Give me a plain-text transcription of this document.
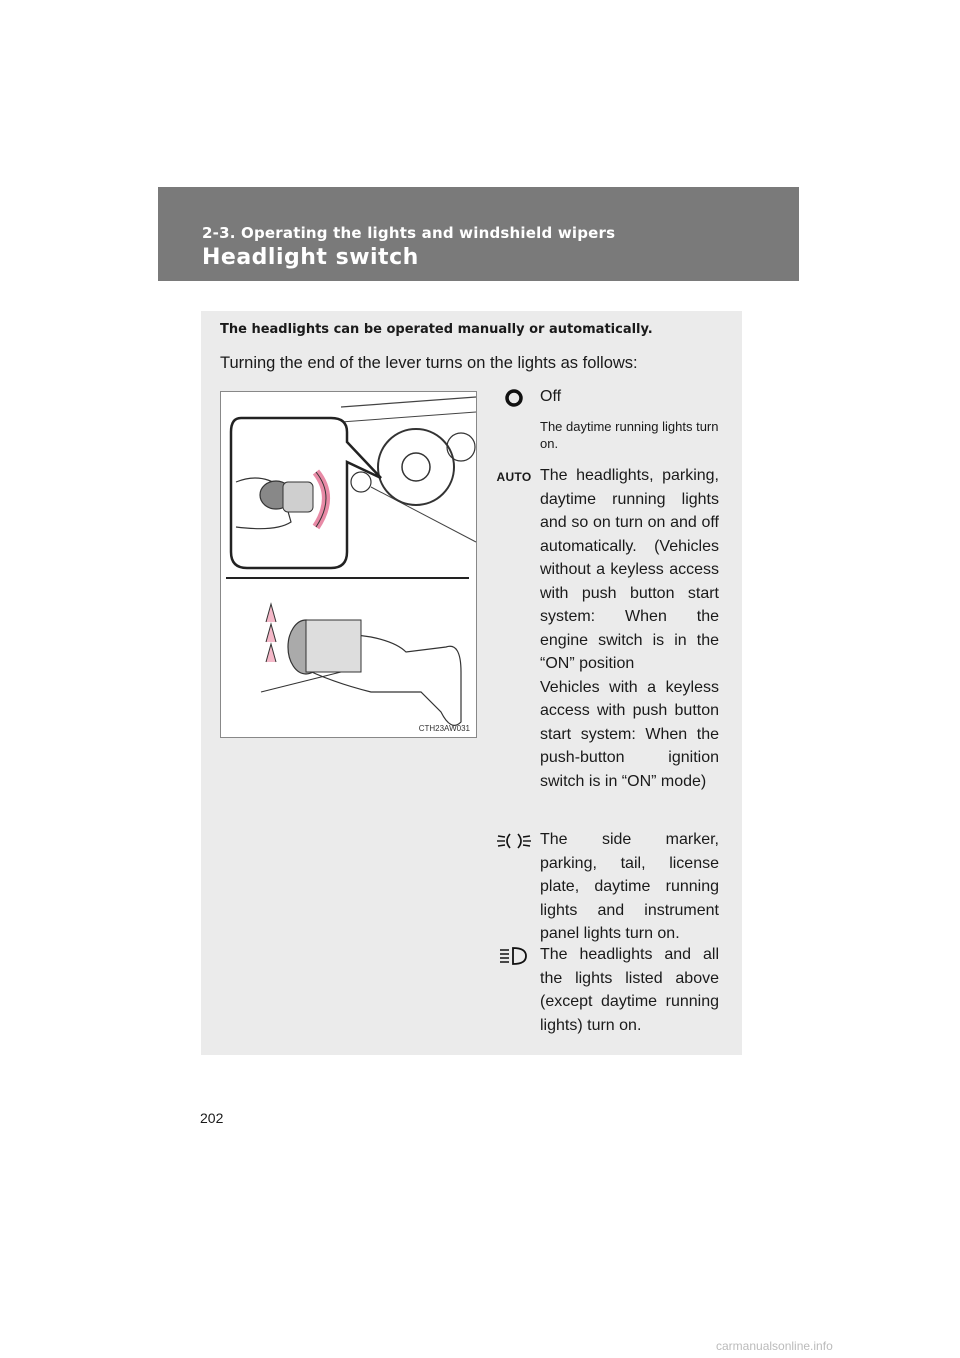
2-3. Operating the lights and windshield wipers
Headlight switch
The headlights can be operated manually or automatically.
Turning the end of the lever turns on the lights as follows:
CTH23AW031
Off
The daytime running lights turn on.
AUTO The headlights, parking, daytime running lights and so on turn on and off automatically. (Vehicles without a keyless access with push button start system: When the engine switch is in the “ON” position
Vehicles with a keyless access with push button start system: When the push-button ignition switch is in “ON” mode)
The side marker, parking, tail, license plate, daytime running lights and instrument panel lights turn on.
The headlights and all the lights listed above (except daytime running lights) turn on.
202
carmanualsonline.info
